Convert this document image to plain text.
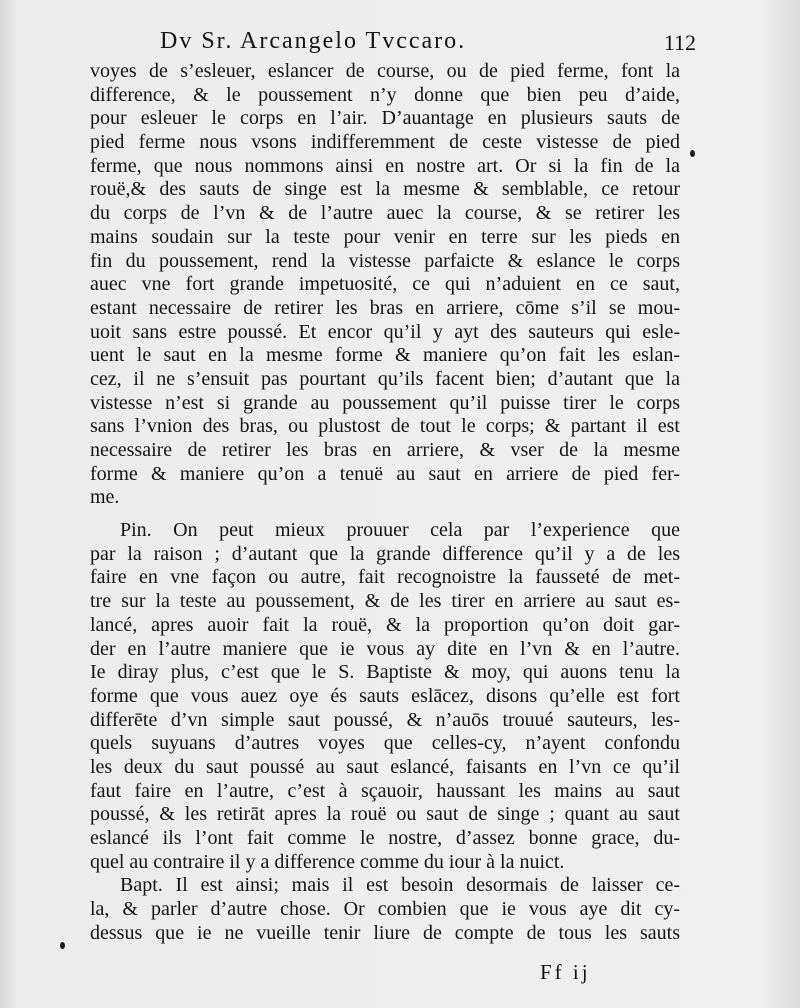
Dv Sr. Arcangelo Tvccaro.	112
voyes de s’esleuer, eslancer de course, ou de pied ferme, font la
difference, & le poussement n’y donne que bien peu d’aide,
pour esleuer le corps en l’air. D’auantage en plusieurs sauts de
pied ferme nous vsons indifferemment de ceste vistesse de pied
ferme, que nous nommons ainsi en nostre art. Or si la fin de la
rouë,& des sauts de singe est la mesme & semblable, ce retour
du corps de l’vn & de l’autre auec la course, & se retirer les
mains soudain sur la teste pour venir en terre sur les pieds en
fin du poussement, rend la vistesse parfaicte & eslance le corps
auec vne fort grande impetuosité, ce qui n’aduient en ce saut,
estant necessaire de retirer les bras en arriere, cōme s’il se mou-
uoit sans estre poussé. Et encor qu’il y ayt des sauteurs qui esle-
uent le saut en la mesme forme & maniere qu’on fait les eslan-
cez, il ne s’ensuit pas pourtant qu’ils facent bien; d’autant que la
vistesse n’est si grande au poussement qu’il puisse tirer le corps
sans l’vnion des bras, ou plustost de tout le corps; & partant il est
necessaire de retirer les bras en arriere, & vser de la mesme
forme & maniere qu’on a tenuë au saut en arriere de pied fer-
me.
Pin. On peut mieux prouuer cela par l’experience que
par la raison ; d’autant que la grande difference qu’il y a de les
faire en vne façon ou autre, fait recognoistre la fausseté de met-
tre sur la teste au poussement, & de les tirer en arriere au saut es-
lancé, apres auoir fait la rouë, & la proportion qu’on doit gar-
der en l’autre maniere que ie vous ay dite en l’vn & en l’autre.
Ie diray plus, c’est que le S. Baptiste & moy, qui auons tenu la
forme que vous auez oye és sauts eslācez, disons qu’elle est fort
differēte d’vn simple saut poussé, & n’auōs trouué sauteurs, les-
quels suyuans d’autres voyes que celles-cy, n’ayent confondu
les deux du saut poussé au saut eslancé, faisants en l’vn ce qu’il
faut faire en l’autre, c’est à sçauoir, haussant les mains au saut
poussé, & les retirāt apres la rouë ou saut de singe ; quant au saut
eslancé ils l’ont fait comme le nostre, d’assez bonne grace, du-
quel au contraire il y a difference comme du iour à la nuict.
Bapt. Il est ainsi; mais il est besoin desormais de laisser ce-
la, & parler d’autre chose. Or combien que ie vous aye dit cy-
dessus que ie ne vueille tenir liure de compte de tous les sauts
Ff ij
